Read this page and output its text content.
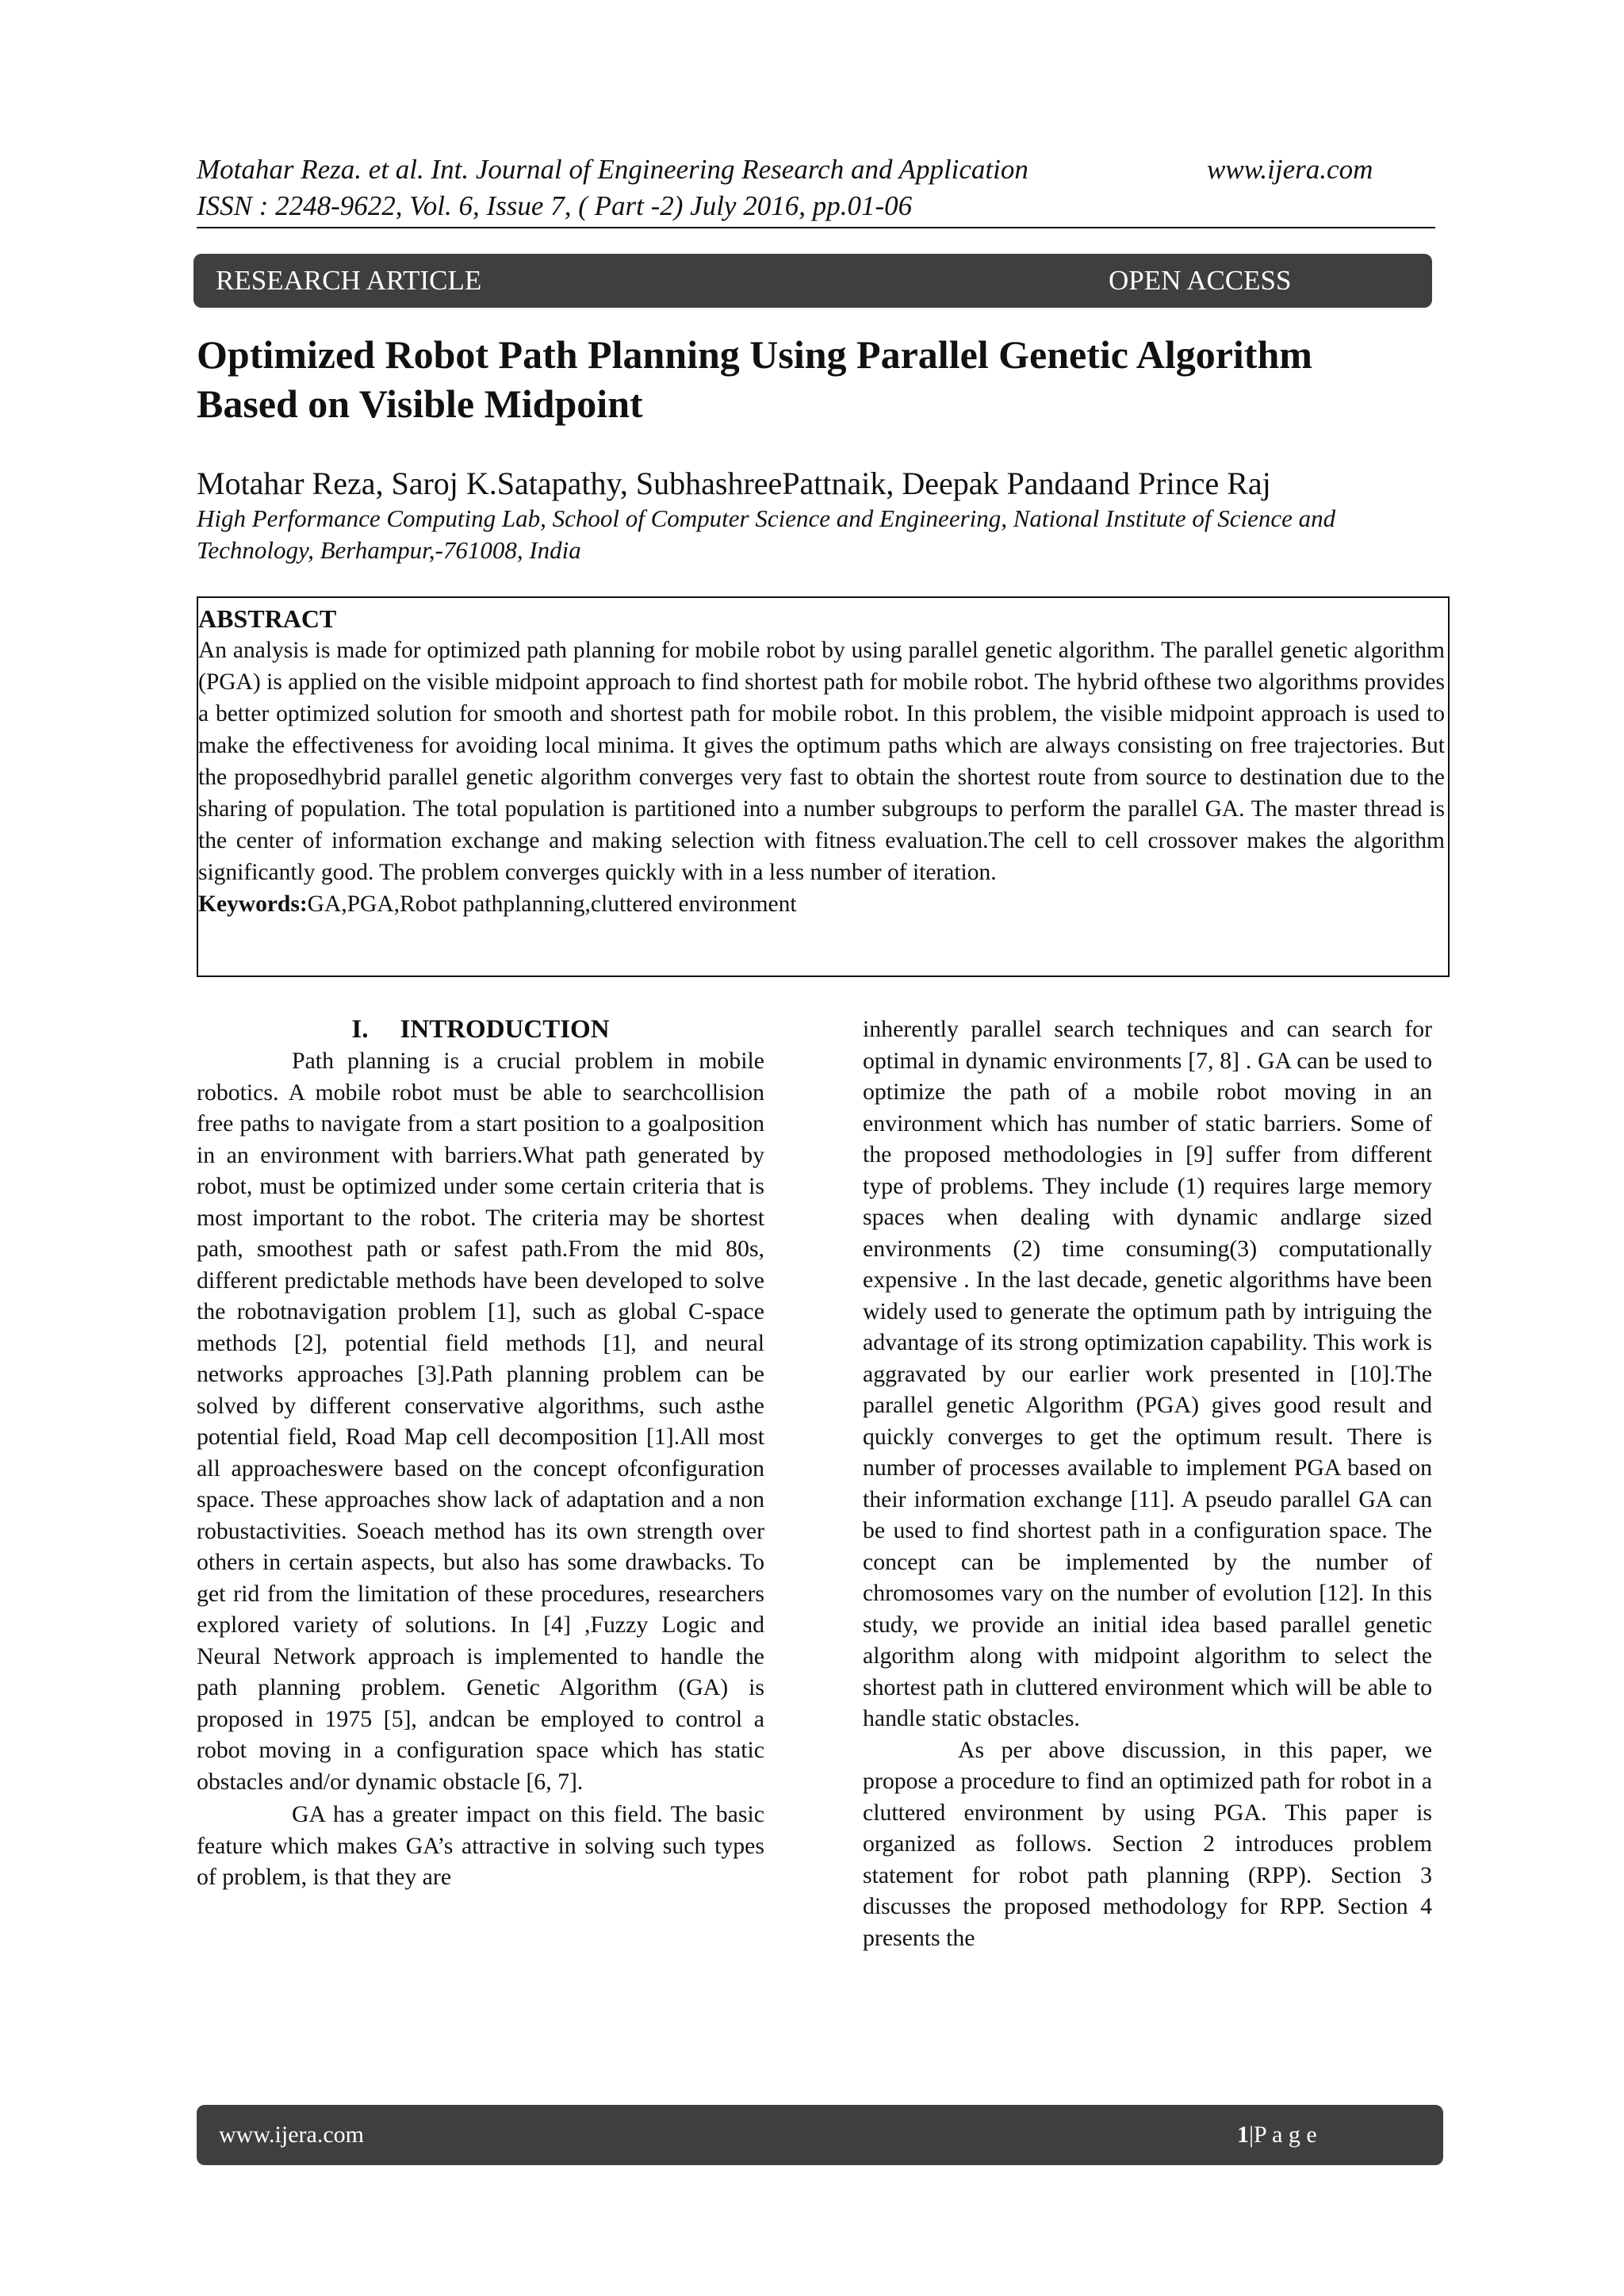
Motahar Reza. et al. Int. Journal of Engineering Research and Application	www.ijera.com
ISSN : 2248-9622, Vol. 6, Issue 7, ( Part -2) July 2016, pp.01-06
RESEARCH ARTICLE	OPEN ACCESS
Optimized Robot Path Planning Using Parallel Genetic Algorithm
Based on Visible Midpoint
Motahar Reza, Saroj K.Satapathy, SubhashreePattnaik, Deepak Pandaand Prince Raj
High Performance Computing Lab, School of Computer Science and Engineering, National Institute of Science and Technology, Berhampur,-761008, India
ABSTRACT

An analysis is made for optimized path planning for mobile robot by using parallel genetic algorithm. The parallel genetic algorithm (PGA) is applied on the visible midpoint approach to find shortest path for mobile robot. The hybrid ofthese two algorithms provides a better optimized solution for smooth and shortest path for mobile robot. In this problem, the visible midpoint approach is used to make the effectiveness for avoiding local minima. It gives the optimum paths which are always consisting on free trajectories. But the proposedhybrid parallel genetic algorithm converges very fast to obtain the shortest route from source to destination due to the sharing of population. The total population is partitioned into a number subgroups to perform the parallel GA. The master thread is the center of information exchange and making selection with fitness evaluation.The cell to cell crossover makes the algorithm significantly good. The problem converges quickly with in a less number of iteration.

Keywords:GA,PGA,Robot pathplanning,cluttered environment

I. INTRODUCTION

Path planning is a crucial problem in mobile robotics. A mobile robot must be able to searchcollision free paths to navigate from a start position to a goalposition in an environment with barriers.What path generated by robot, must be optimized under some certain criteria that is most important to the robot. The criteria may be shortest path, smoothest path or safest path.From the mid 80s, different predictable methods have been developed to solve the robotnavigation problem [1], such as global C-space methods [2], potential field methods [1], and neural networks approaches [3].Path planning problem can be solved by different conservative algorithms, such asthe potential field, Road Map cell decomposition [1].All most all approacheswere based on the concept ofconfiguration space. These approaches show lack of adaptation and a non robustactivities. Soeach method has its own strength over others in certain aspects, but also has some drawbacks. To get rid from the limitation of these procedures, researchers explored variety of solutions. In [4] ,Fuzzy Logic and Neural Network approach is implemented to handle the path planning problem. Genetic Algorithm (GA) is proposed in 1975 [5], andcan be employed to control a robot moving in a configuration space which has static obstacles and/or dynamic obstacle [6, 7].

GA has a greater impact on this field. The basic feature which makes GA’s attractive in solving such types of problem, is that they are

inherently parallel search techniques and can search for optimal in dynamic environments [7, 8] . GA can be used to optimize the path of a mobile robot moving in an environment which has number of static barriers. Some of the proposed methodologies in [9] suffer from different type of problems. They include (1) requires large memory spaces when dealing with dynamic andlarge sized environments (2) time consuming(3) computationally expensive . In the last decade, genetic algorithms have been widely used to generate the optimum path by intriguing the advantage of its strong optimization capability. This work is aggravated by our earlier work presented in [10].The parallel genetic Algorithm (PGA) gives good result and quickly converges to get the optimum result. There is number of processes available to implement PGA based on their information exchange [11]. A pseudo parallel GA can be used to find shortest path in a configuration space. The concept can be implemented by the number of chromosomes vary on the number of evolution [12]. In this study, we provide an initial idea based parallel genetic algorithm along with midpoint algorithm to select the shortest path in cluttered environment which will be able to handle static obstacles.

As per above discussion, in this paper, we propose a procedure to find an optimized path for robot in a cluttered environment by using PGA. This paper is organized as follows. Section 2 introduces problem statement for robot path planning (RPP). Section 3 discusses the proposed methodology for RPP. Section 4 presents the

www.ijera.com	1|P a g e
